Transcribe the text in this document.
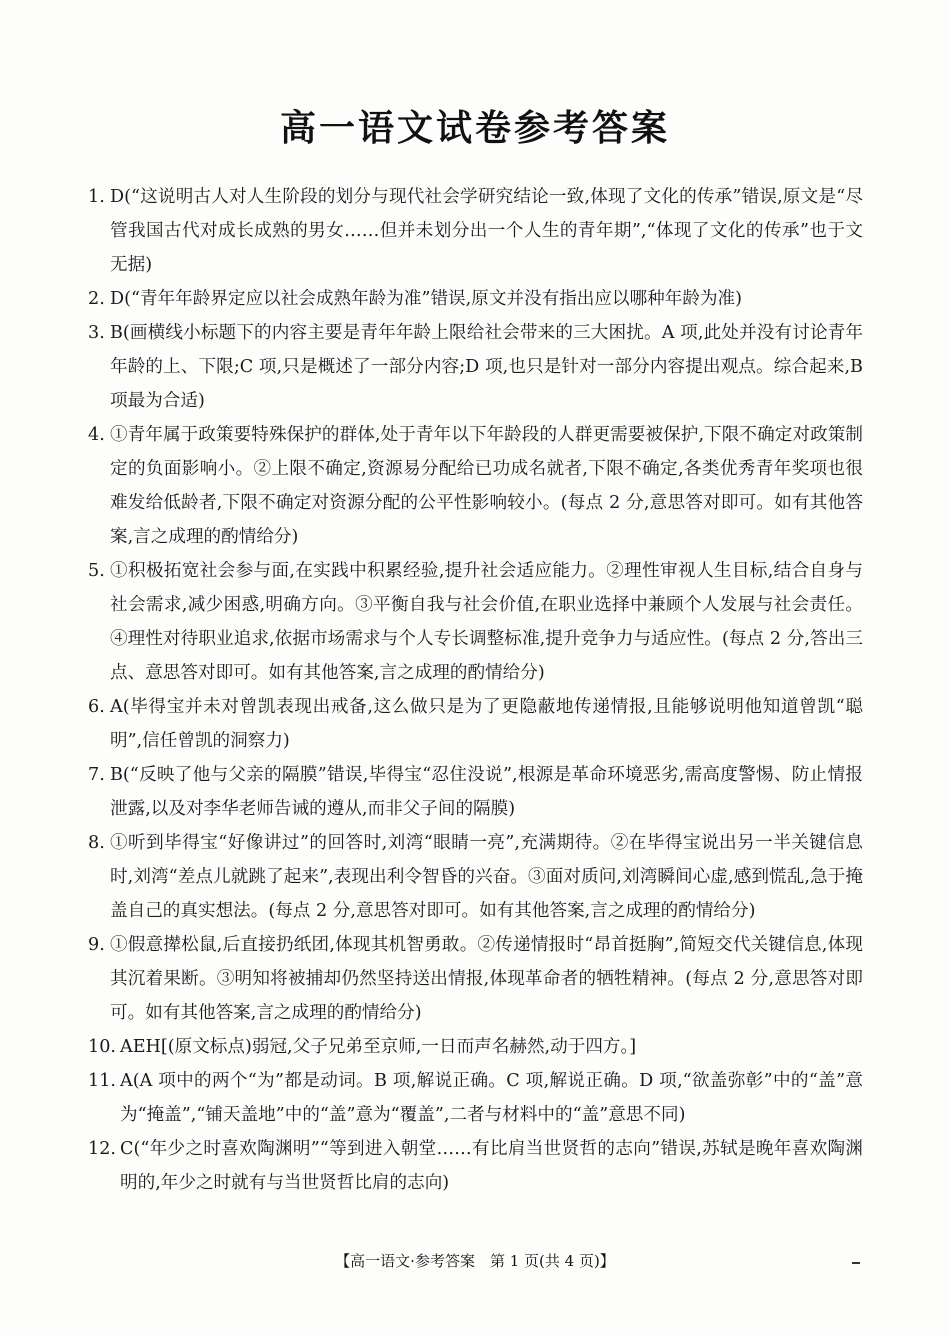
高一语文试卷参考答案
1. D(“这说明古人对人生阶段的划分与现代社会学研究结论一致,体现了文化的传承”错误,原文是“尽管我国古代对成长成熟的男女……但并未划分出一个人生的青年期”,“体现了文化的传承”也于文无据)
2. D(“青年年龄界定应以社会成熟年龄为准”错误,原文并没有指出应以哪种年龄为准)
3. B(画横线小标题下的内容主要是青年年龄上限给社会带来的三大困扰。A 项,此处并没有讨论青年年龄的上、下限;C 项,只是概述了一部分内容;D 项,也只是针对一部分内容提出观点。综合起来,B 项最为合适)
4. ①青年属于政策要特殊保护的群体,处于青年以下年龄段的人群更需要被保护,下限不确定对政策制定的负面影响小。②上限不确定,资源易分配给已功成名就者,下限不确定,各类优秀青年奖项也很难发给低龄者,下限不确定对资源分配的公平性影响较小。(每点 2 分,意思答对即可。如有其他答案,言之成理的酌情给分)
5. ①积极拓宽社会参与面,在实践中积累经验,提升社会适应能力。②理性审视人生目标,结合自身与社会需求,减少困惑,明确方向。③平衡自我与社会价值,在职业选择中兼顾个人发展与社会责任。④理性对待职业追求,依据市场需求与个人专长调整标准,提升竞争力与适应性。(每点 2 分,答出三点、意思答对即可。如有其他答案,言之成理的酌情给分)
6. A(毕得宝并未对曾凯表现出戒备,这么做只是为了更隐蔽地传递情报,且能够说明他知道曾凯“聪明”,信任曾凯的洞察力)
7. B(“反映了他与父亲的隔膜”错误,毕得宝“忍住没说”,根源是革命环境恶劣,需高度警惕、防止情报泄露,以及对李华老师告诫的遵从,而非父子间的隔膜)
8. ①听到毕得宝“好像讲过”的回答时,刘湾“眼睛一亮”,充满期待。②在毕得宝说出另一半关键信息时,刘湾“差点儿就跳了起来”,表现出利令智昏的兴奋。③面对质问,刘湾瞬间心虚,感到慌乱,急于掩盖自己的真实想法。(每点 2 分,意思答对即可。如有其他答案,言之成理的酌情给分)
9. ①假意撵松鼠,后直接扔纸团,体现其机智勇敢。②传递情报时“昂首挺胸”,简短交代关键信息,体现其沉着果断。③明知将被捕却仍然坚持送出情报,体现革命者的牺牲精神。(每点 2 分,意思答对即可。如有其他答案,言之成理的酌情给分)
10. AEH[(原文标点)弱冠,父子兄弟至京师,一日而声名赫然,动于四方。]
11. A(A 项中的两个“为”都是动词。B 项,解说正确。C 项,解说正确。D 项,“欲盖弥彰”中的“盖”意为“掩盖”,“铺天盖地”中的“盖”意为“覆盖”,二者与材料中的“盖”意思不同)
12. C(“年少之时喜欢陶渊明”“等到进入朝堂……有比肩当世贤哲的志向”错误,苏轼是晚年喜欢陶渊明的,年少之时就有与当世贤哲比肩的志向)
【高一语文·参考答案　第 1 页(共 4 页)】
